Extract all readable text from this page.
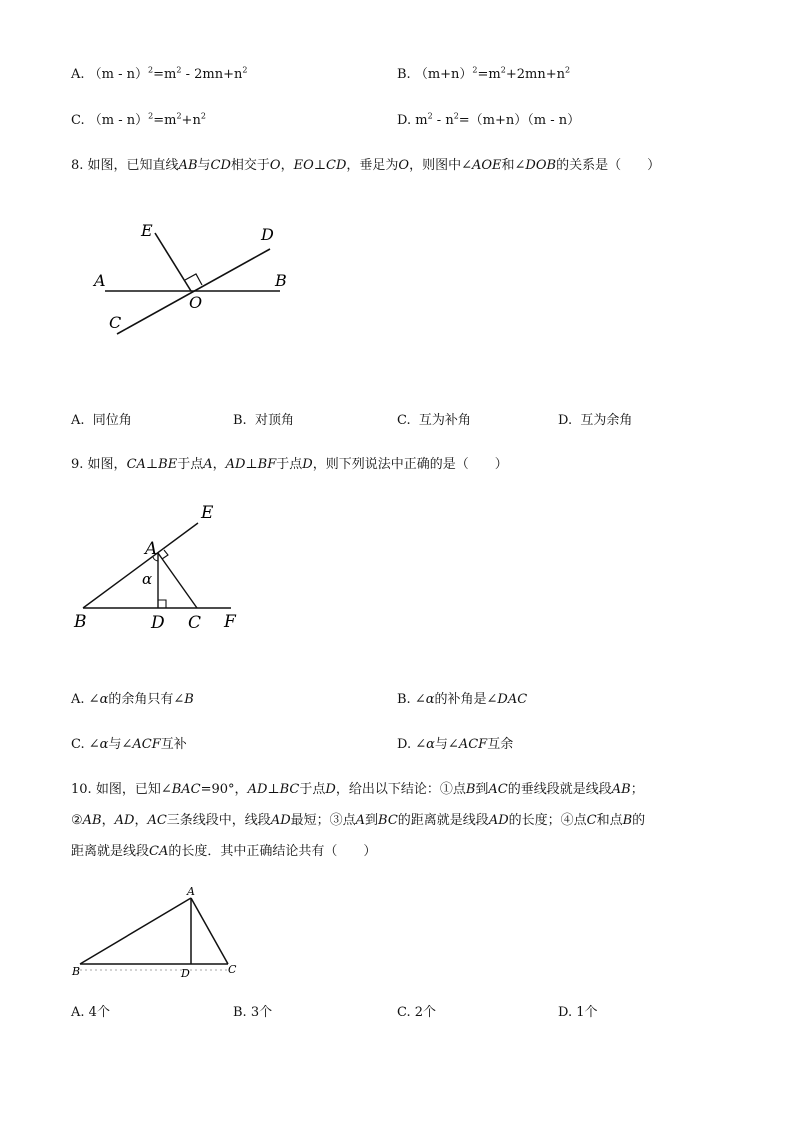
A. $(m - n)^2=m^2 - 2mn+n^2$	B. $(m+n)^2=m^2+2mn+n^2$
C. $(m - n)^2=m^2+n^2$	D. $m^2 - n^2=(m+n)(m - n)$
8. 如图，已知直线AB与CD相交于O，EO⊥CD，垂足为O，则图中∠AOE和∠DOB的关系是（　　）
E	D
A	B
O
C
A. 同位角	B. 对顶角	C. 互为补角	D. 互为余角
9. 如图，CA⊥BE于点A，AD⊥BF于点D，则下列说法中正确的是（　　）
E
A
α
B	D C F
A. ∠α的余角只有∠B	B. ∠α的补角是∠DAC
C. ∠α与∠ACF互补	D. ∠α与∠ACF互余
10. 如图，已知∠BAC=90°，AD⊥BC于点D，给出以下结论：①点B到AC的垂线段就是线段AB；
②AB，AD，AC三条线段中，线段AD最短；③点A到BC的距离就是线段AD的长度；④点C和点B的
距离就是线段CA的长度．其中正确结论共有（　　）
A
B	D	C
A. 4个	B. 3个	C. 2个	D. 1个
